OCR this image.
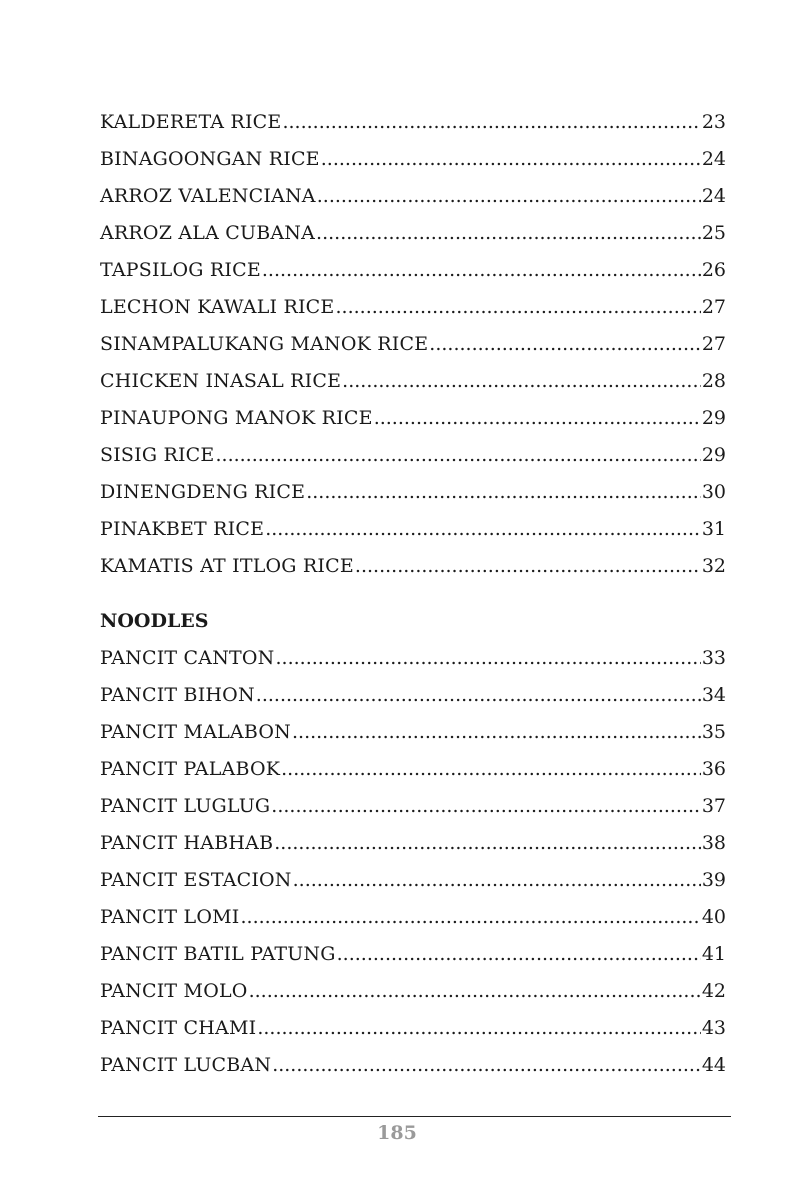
KALDERETA RICE .....	23
BINAGOONGAN RICE .....	24
ARROZ VALENCIANA .....	24
ARROZ ALA CUBANA .....	25
TAPSILOG RICE .....	26
LECHON KAWALI RICE .....	27
SINAMPALUKANG MANOK RICE .....	27
CHICKEN INASAL RICE .....	28
PINAUPONG MANOK RICE .....	29
SISIG RICE .....	29
DINENGDENG RICE .....	30
PINAKBET RICE .....	31
KAMATIS AT ITLOG RICE .....	32
NOODLES
PANCIT CANTON .....	33
PANCIT BIHON .....	34
PANCIT MALABON .....	35
PANCIT PALABOK .....	36
PANCIT LUGLUG .....	37
PANCIT HABHAB .....	38
PANCIT ESTACION .....	39
PANCIT LOMI .....	40
PANCIT BATIL PATUNG .....	41
PANCIT MOLO .....	42
PANCIT CHAMI .....	43
PANCIT LUCBAN .....	44
185
